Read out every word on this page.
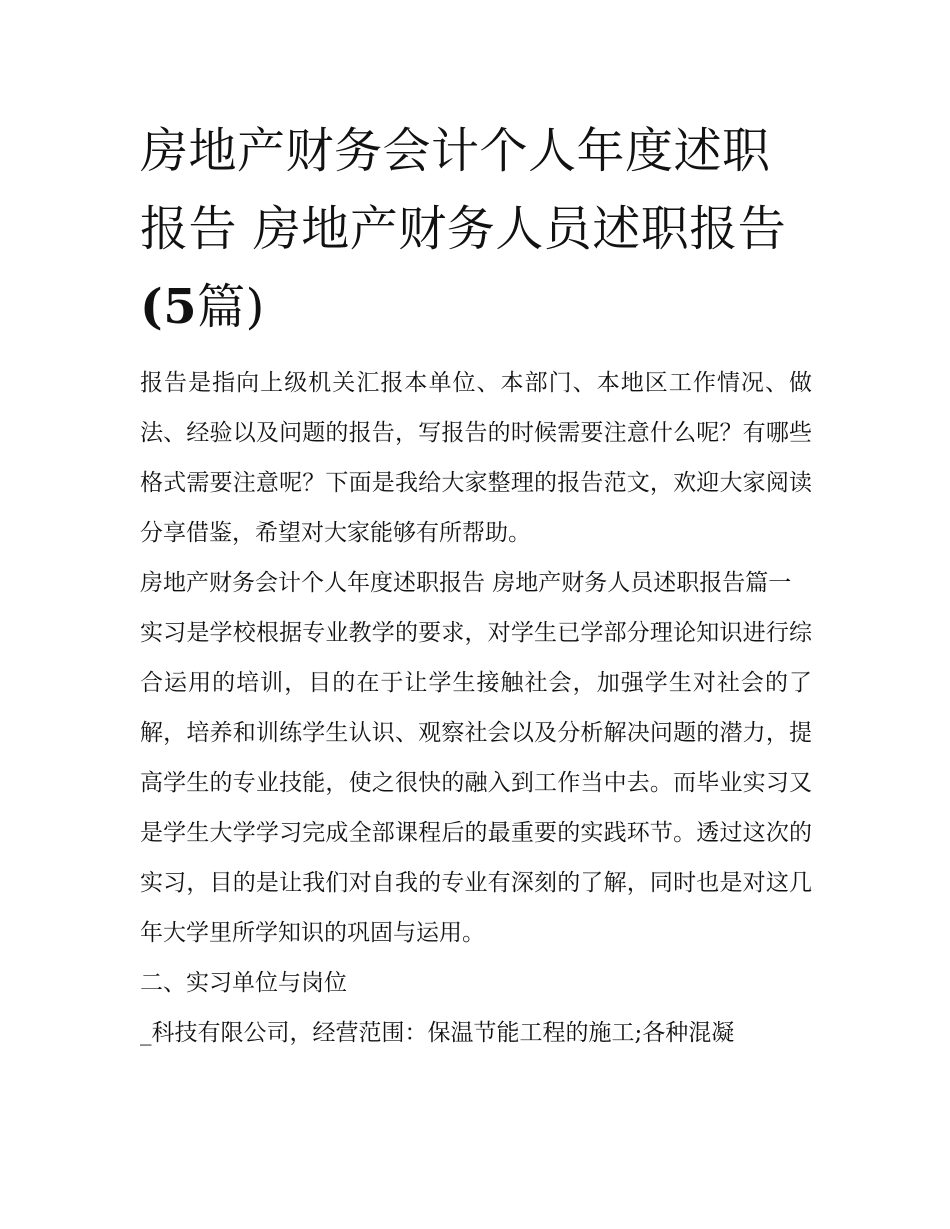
房地产财务会计个人年度述职
报告 房地产财务人员述职报告
(5篇)

报告是指向上级机关汇报本单位、本部门、本地区工作情况、做法、经验以及问题的报告，写报告的时候需要注意什么呢？有哪些格式需要注意呢？下面是我给大家整理的报告范文，欢迎大家阅读分享借鉴，希望对大家能够有所帮助。

房地产财务会计个人年度述职报告 房地产财务人员述职报告篇一

实习是学校根据专业教学的要求，对学生已学部分理论知识进行综合运用的培训，目的在于让学生接触社会，加强学生对社会的了解，培养和训练学生认识、观察社会以及分析解决问题的潜力，提高学生的专业技能，使之很快的融入到工作当中去。而毕业实习又是学生大学学习完成全部课程后的最重要的实践环节。透过这次的实习，目的是让我们对自我的专业有深刻的了解，同时也是对这几年大学里所学知识的巩固与运用。

二、实习单位与岗位

_科技有限公司，经营范围：保温节能工程的施工;各种混凝
